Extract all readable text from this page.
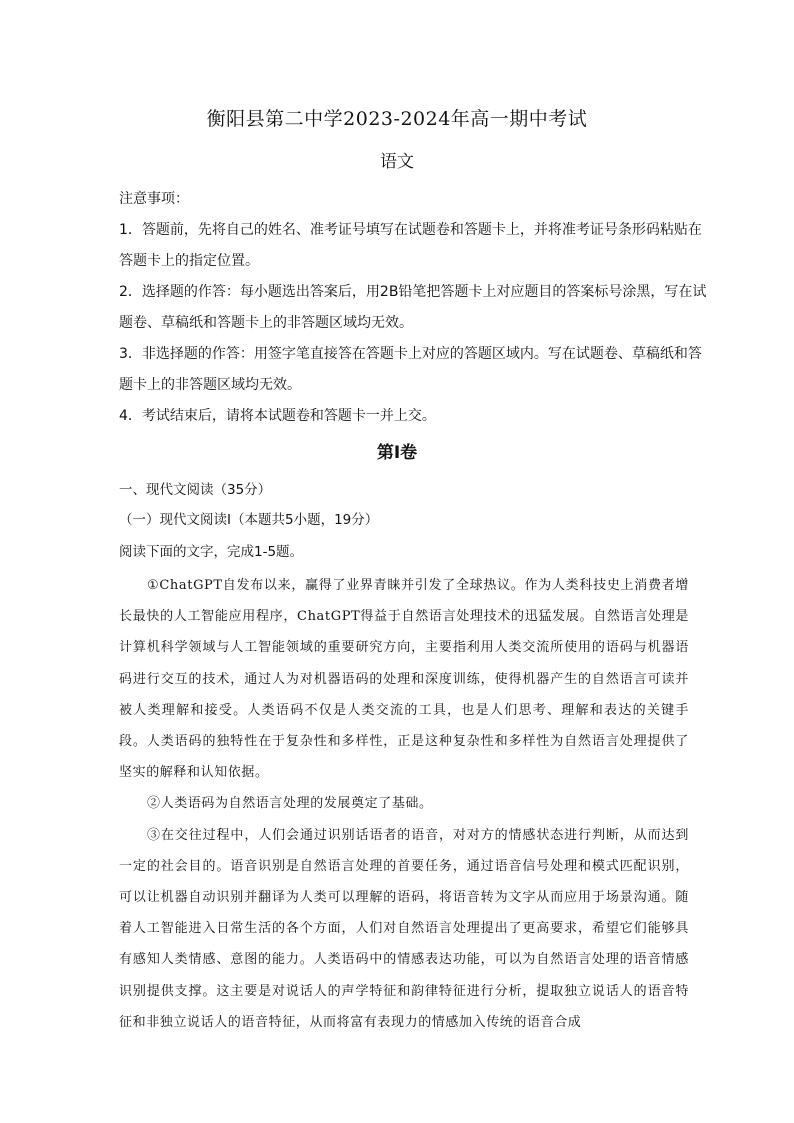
衡阳县第二中学2023-2024年高一期中考试
语文

注意事项：

1．答题前，先将自己的姓名、准考证号填写在试题卷和答题卡上，并将准考证号条形码粘贴在答题卡上的指定位置。

2．选择题的作答：每小题选出答案后，用2B铅笔把答题卡上对应题目的答案标号涂黑，写在试题卷、草稿纸和答题卡上的非答题区域均无效。

3．非选择题的作答：用签字笔直接答在答题卡上对应的答题区域内。写在试题卷、草稿纸和答题卡上的非答题区域均无效。

4．考试结束后，请将本试题卷和答题卡一并上交。

第Ⅰ卷
一、现代文阅读（35分）
（一）现代文阅读Ⅰ（本题共5小题，19分）
阅读下面的文字，完成1-5题。

①ChatGPT自发布以来，赢得了业界青睐并引发了全球热议。作为人类科技史上消费者增长最快的人工智能应用程序，ChatGPT得益于自然语言处理技术的迅猛发展。自然语言处理是计算机科学领域与人工智能领域的重要研究方向，主要指利用人类交流所使用的语码与机器语码进行交互的技术，通过人为对机器语码的处理和深度训练，使得机器产生的自然语言可读并被人类理解和接受。人类语码不仅是人类交流的工具，也是人们思考、理解和表达的关键手段。人类语码的独特性在于复杂性和多样性，正是这种复杂性和多样性为自然语言处理提供了坚实的解释和认知依据。

②人类语码为自然语言处理的发展奠定了基础。

③在交往过程中，人们会通过识别话语者的语音，对对方的情感状态进行判断，从而达到一定的社会目的。语音识别是自然语言处理的首要任务，通过语音信号处理和模式匹配识别，可以让机器自动识别并翻译为人类可以理解的语码，将语音转为文字从而应用于场景沟通。随着人工智能进入日常生活的各个方面，人们对自然语言处理提出了更高要求，希望它们能够具有感知人类情感、意图的能力。人类语码中的情感表达功能，可以为自然语言处理的语音情感识别提供支撑。这主要是对说话人的声学特征和韵律特征进行分析，提取独立说话人的语音特征和非独立说话人的语音特征，从而将富有表现力的情感加入传统的语音合成
